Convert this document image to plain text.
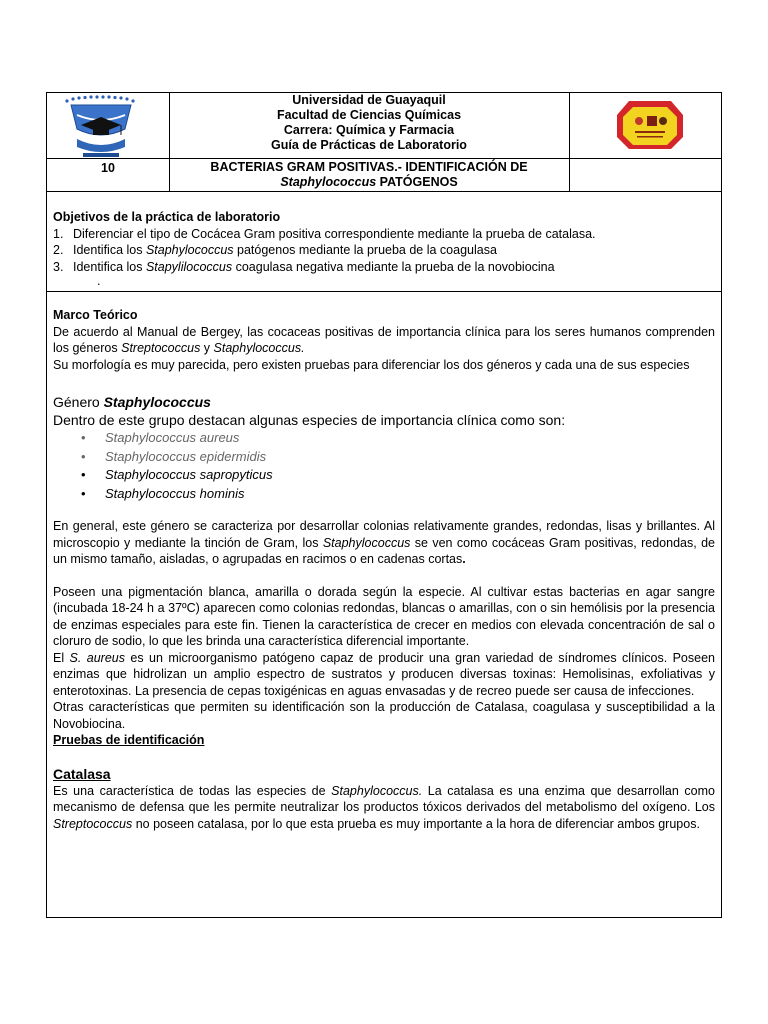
Universidad de Guayaquil
Facultad de Ciencias Químicas
Carrera: Química y Farmacia
Guía de Prácticas de Laboratorio
10	BACTERIAS GRAM POSITIVAS.- IDENTIFICACIÓN DE
Staphylococcus PATÓGENOS
Objetivos de la práctica de laboratorio
1. Diferenciar el tipo de Cocácea Gram positiva correspondiente mediante la prueba de catalasa.
2. Identifica los Staphylococcus patógenos mediante la prueba de la coagulasa
3. Identifica los Stapylilococcus coagulasa negativa mediante la prueba de la novobiocina
.
Marco Teórico
De acuerdo al Manual de Bergey, las cocaceas positivas de importancia clínica para los seres humanos comprenden los géneros Streptococcus y Staphylococcus.
Su morfología es muy parecida, pero existen pruebas para diferenciar los dos géneros y cada una de sus especies
Género Staphylococcus
Dentro de este grupo destacan algunas especies de importancia clínica como son:
• Staphylococcus aureus
• Staphylococcus epidermidis
• Staphylococcus sapropyticus
• Staphylococcus hominis
En general, este género se caracteriza por desarrollar colonias relativamente grandes, redondas, lisas y brillantes. Al microscopio y mediante la tinción de Gram, los Staphylococcus se ven como cocáceas Gram positivas, redondas, de un mismo tamaño, aisladas, o agrupadas en racimos o en cadenas cortas.
Poseen una pigmentación blanca, amarilla o dorada según la especie. Al cultivar estas bacterias en agar sangre (incubada 18-24 h a 37ºC) aparecen como colonias redondas, blancas o amarillas, con o sin hemólisis por la presencia de enzimas especiales para este fin. Tienen la característica de crecer en medios con elevada concentración de sal o cloruro de sodio, lo que les brinda una característica diferencial importante.
El S. aureus es un microorganismo patógeno capaz de producir una gran variedad de síndromes clínicos. Poseen enzimas que hidrolizan un amplio espectro de sustratos y producen diversas toxinas: Hemolisinas, exfoliativas y enterotoxinas. La presencia de cepas toxigénicas en aguas envasadas y de recreo puede ser causa de infecciones.
Otras características que permiten su identificación son la producción de Catalasa, coagulasa y susceptibilidad a la Novobiocina.
Pruebas de identificación
Catalasa
Es una característica de todas las especies de Staphylococcus. La catalasa es una enzima que desarrollan como mecanismo de defensa que les permite neutralizar los productos tóxicos derivados del metabolismo del oxígeno. Los Streptococcus no poseen catalasa, por lo que esta prueba es muy importante a la hora de diferenciar ambos grupos.
